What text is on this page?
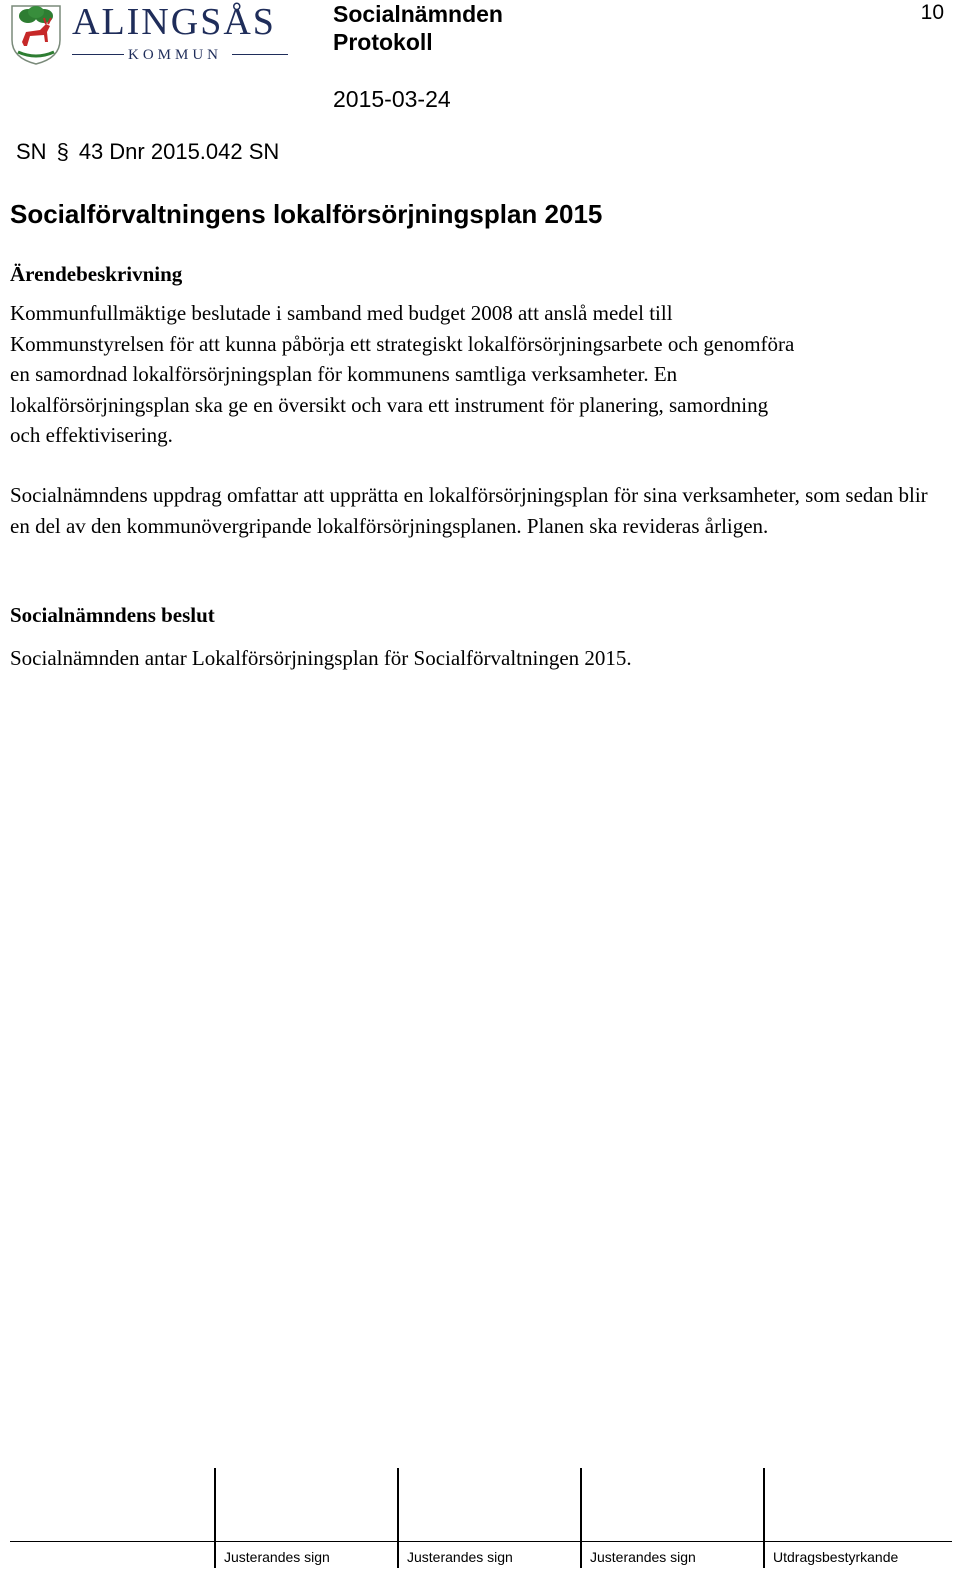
ALINGSÅS
KOMMUN
Socialnämnden
Protokoll
2015-03-24
10
SN § 43 Dnr 2015.042 SN
Socialförvaltningens lokalförsörjningsplan 2015
Ärendebeskrivning

Kommunfullmäktige beslutade i samband med budget 2008 att anslå medel till Kommunstyrelsen för att kunna påbörja ett strategiskt lokalförsörjningsarbete och genomföra en samordnad lokalförsörjningsplan för kommunens samtliga verksamheter. En lokalförsörjningsplan ska ge en översikt och vara ett instrument för planering, samordning och effektivisering.

Socialnämndens uppdrag omfattar att upprätta en lokalförsörjningsplan för sina verksamheter, som sedan blir en del av den kommunövergripande lokalförsörjningsplanen. Planen ska revideras årligen.

Socialnämndens beslut

Socialnämnden antar Lokalförsörjningsplan för Socialförvaltningen 2015.

Justerandes sign	Justerandes sign	Justerandes sign	Utdragsbestyrkande
